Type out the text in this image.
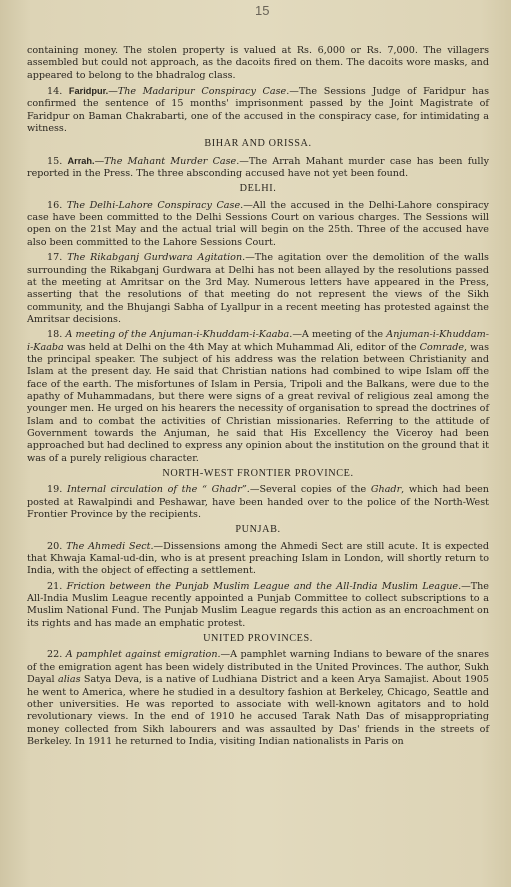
15

containing money. The stolen property is valued at Rs. 6,000 or Rs. 7,000. The villagers assembled but could not approach, as the dacoits fired on them. The dacoits wore masks, and appeared to belong to the bhadralog class.

14. Faridpur.—The Madaripur Conspiracy Case.—The Sessions Judge of Faridpur has confirmed the sentence of 15 months' imprisonment passed by the Joint Magistrate of Faridpur on Baman Chakrabarti, one of the accused in the conspiracy case, for intimidating a witness.

BIHAR AND ORISSA.

15. Arrah.—The Mahant Murder Case.—The Arrah Mahant murder case has been fully reported in the Press. The three absconding accused have not yet been found.

DELHI.

16. The Delhi-Lahore Conspiracy Case.—All the accused in the Delhi-Lahore conspiracy case have been committed to the Delhi Sessions Court on various charges. The Sessions will open on the 21st May and the actual trial will begin on the 25th. Three of the accused have also been committed to the Lahore Sessions Court.

17. The Rikabganj Gurdwara Agitation.—The agitation over the demolition of the walls surrounding the Rikabganj Gurdwara at Delhi has not been allayed by the resolutions passed at the meeting at Amritsar on the 3rd May. Numerous letters have appeared in the Press, asserting that the resolutions of that meeting do not represent the views of the Sikh community, and the Bhujangi Sabha of Lyallpur in a recent meeting has protested against the Amritsar decisions.

18. A meeting of the Anjuman-i-Khuddam-i-Kaaba.—A meeting of the Anjuman-i-Khuddam-i-Kaaba was held at Delhi on the 4th May at which Muhammad Ali, editor of the Comrade, was the principal speaker. The subject of his address was the relation between Christianity and Islam at the present day. He said that Christian nations had combined to wipe Islam off the face of the earth. The misfortunes of Islam in Persia, Tripoli and the Balkans, were due to the apathy of Muhammadans, but there were signs of a great revival of religious zeal among the younger men. He urged on his hearers the necessity of organisation to spread the doctrines of Islam and to combat the activities of Christian missionaries. Referring to the attitude of Government towards the Anjuman, he said that His Excellency the Viceroy had been approached but had declined to express any opinion about the institution on the ground that it was of a purely religious character.

NORTH-WEST FRONTIER PROVINCE.

19. Internal circulation of the “ Ghadr”.—Several copies of the Ghadr, which had been posted at Rawalpindi and Peshawar, have been handed over to the police of the North-West Frontier Province by the recipients.

PUNJAB.

20. The Ahmedi Sect.—Dissensions among the Ahmedi Sect are still acute. It is expected that Khwaja Kamal-ud-din, who is at present preaching Islam in London, will shortly return to India, with the object of effecting a settlement.

21. Friction between the Punjab Muslim League and the All-India Muslim League.—The All-India Muslim League recently appointed a Punjab Committee to collect subscriptions to a Muslim National Fund. The Punjab Muslim League regards this action as an encroachment on its rights and has made an emphatic protest.

UNITED PROVINCES.

22. A pamphlet against emigration.—A pamphlet warning Indians to beware of the snares of the emigration agent has been widely distributed in the United Provinces. The author, Sukh Dayal alias Satya Deva, is a native of Ludhiana District and a keen Arya Samajist. About 1905 he went to America, where he studied in a desultory fashion at Berkeley, Chicago, Seattle and other universities. He was reported to associate with well-known agitators and to hold revolutionary views. In the end of 1910 he accused Tarak Nath Das of misappropriating money collected from Sikh labourers and was assaulted by Das' friends in the streets of Berkeley. In 1911 he returned to India, visiting Indian nationalists in Paris on
